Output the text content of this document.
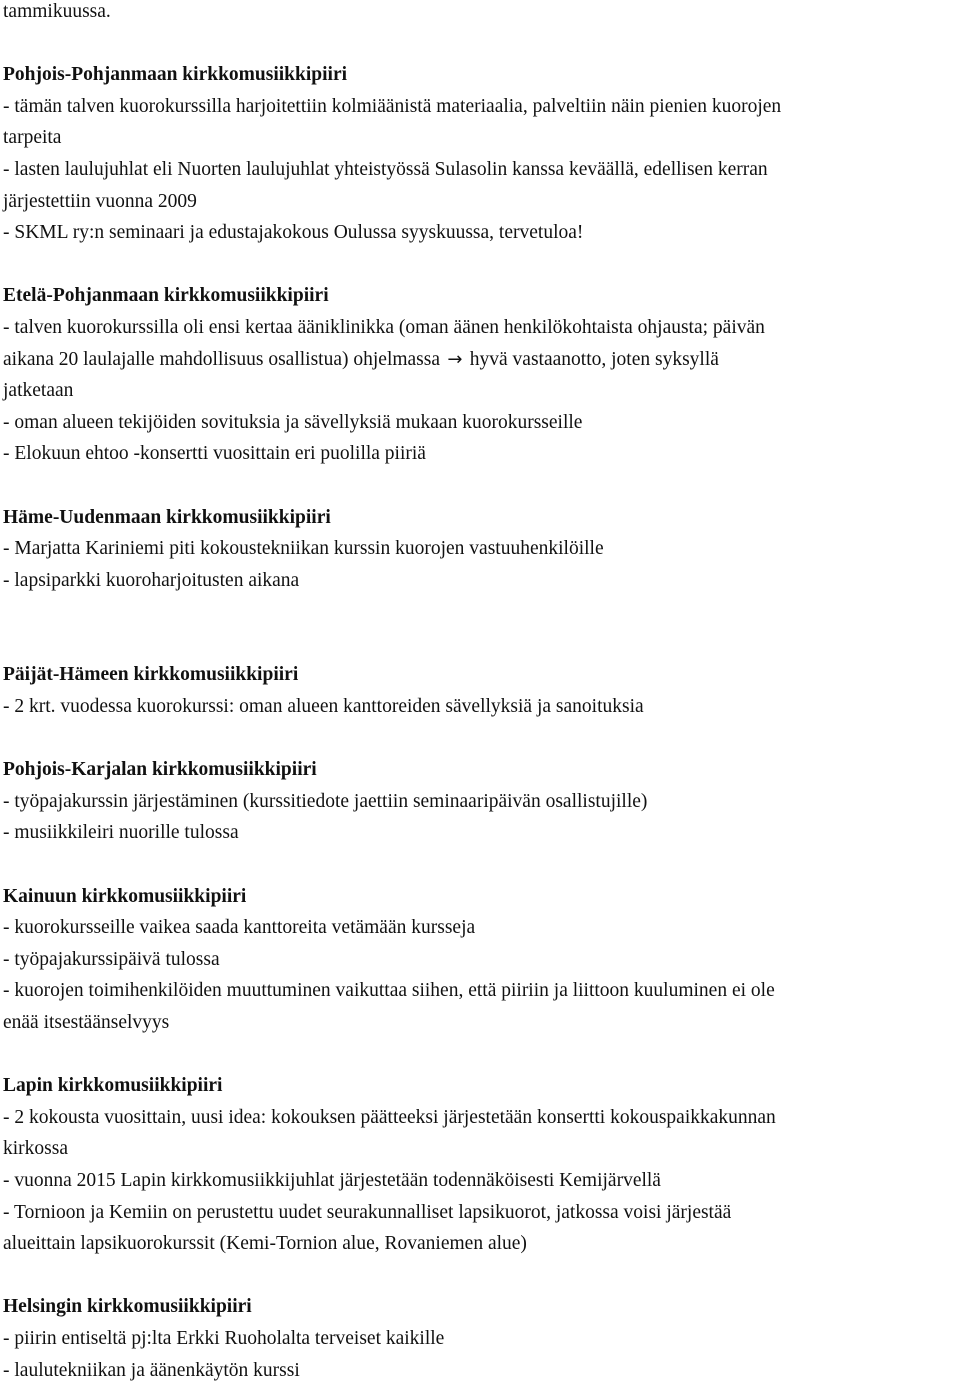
tammikuussa.

Pohjois-Pohjanmaan kirkkomusiikkipiiri

- tämän talven kuorokurssilla harjoitettiin kolmiäänistä materiaalia, palveltiin näin pienien kuorojen

tarpeita

- lasten laulujuhlat eli Nuorten laulujuhlat yhteistyössä Sulasolin kanssa keväällä, edellisen kerran

järjestettiin vuonna 2009

- SKML ry:n seminaari ja edustajakokous Oulussa syyskuussa, tervetuloa!

Etelä-Pohjanmaan kirkkomusiikkipiiri

- talven kuorokurssilla oli ensi kertaa ääniklinikka (oman äänen henkilökohtaista ohjausta; päivän

aikana 20 laulajalle mahdollisuus osallistua) ohjelmassa → hyvä vastaanotto, joten syksyllä

jatketaan

- oman alueen tekijöiden sovituksia ja sävellyksiä mukaan kuorokursseille

- Elokuun ehtoo -konsertti vuosittain eri puolilla piiriä

Häme-Uudenmaan kirkkomusiikkipiiri

- Marjatta Kariniemi piti kokoustekniikan kurssin kuorojen vastuuhenkilöille

- lapsiparkki kuoroharjoitusten aikana

Päijät-Hämeen kirkkomusiikkipiiri

- 2 krt. vuodessa kuorokurssi: oman alueen kanttoreiden sävellyksiä ja sanoituksia

Pohjois-Karjalan kirkkomusiikkipiiri

- työpajakurssin järjestäminen (kurssitiedote jaettiin seminaaripäivän osallistujille)

- musiikkileiri nuorille tulossa

Kainuun kirkkomusiikkipiiri

- kuorokursseille vaikea saada kanttoreita vetämään kursseja

- työpajakurssipäivä tulossa

- kuorojen toimihenkilöiden muuttuminen vaikuttaa siihen, että piiriin ja liittoon kuuluminen ei ole

enää itsestäänselvyys

Lapin kirkkomusiikkipiiri

- 2 kokousta vuosittain, uusi idea: kokouksen päätteeksi järjestetään konsertti kokouspaikkakunnan

kirkossa

- vuonna 2015 Lapin kirkkomusiikkijuhlat järjestetään todennäköisesti Kemijärvellä

- Tornioon ja Kemiin on perustettu uudet seurakunnalliset lapsikuorot, jatkossa voisi järjestää

alueittain lapsikuorokurssit (Kemi-Tornion alue, Rovaniemen alue)

Helsingin kirkkomusiikkipiiri

- piirin entiseltä pj:lta Erkki Ruoholalta terveiset kaikille

- laulutekniikan ja äänenkäytön kurssi
